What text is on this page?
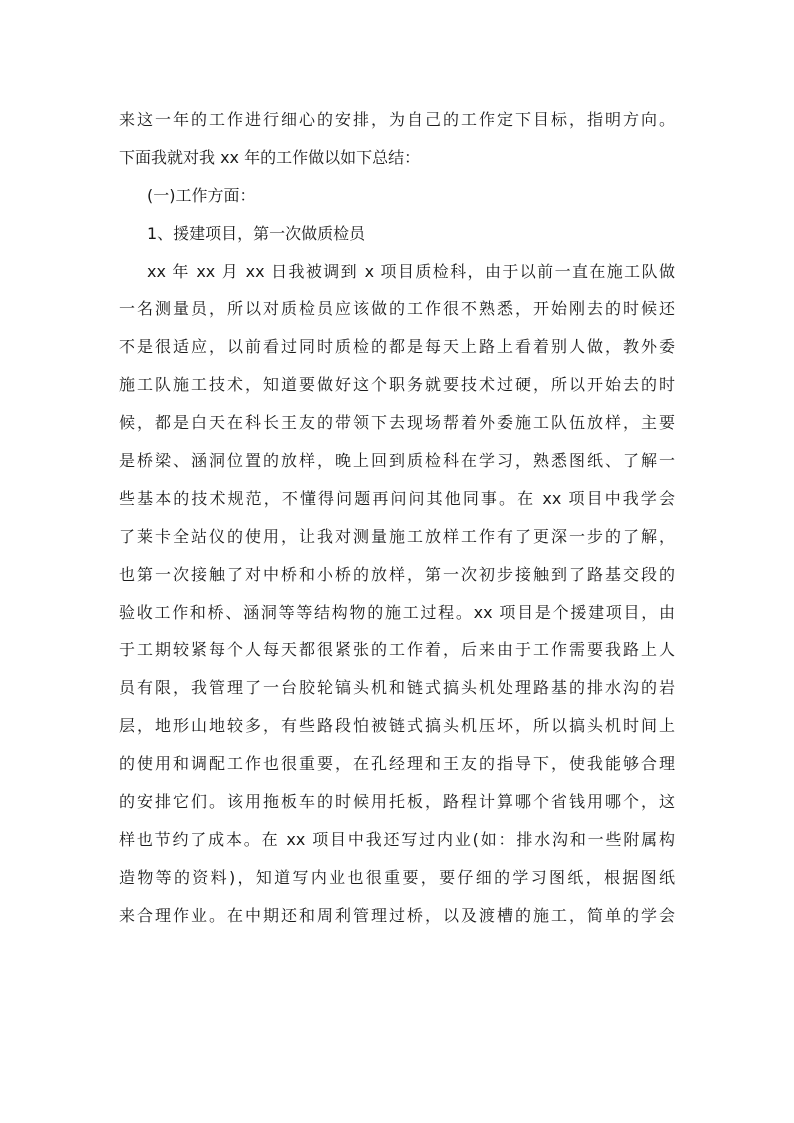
来这一年的工作进行细心的安排，为自己的工作定下目标，指明方向。
下面我就对我 xx 年的工作做以如下总结：
(一)工作方面：
1、援建项目，第一次做质检员
xx 年 xx 月 xx 日我被调到 x 项目质检科，由于以前一直在施工队做
一名测量员，所以对质检员应该做的工作很不熟悉，开始刚去的时候还
不是很适应，以前看过同时质检的都是每天上路上看着别人做，教外委
施工队施工技术，知道要做好这个职务就要技术过硬，所以开始去的时
候，都是白天在科长王友的带领下去现场帮着外委施工队伍放样，主要
是桥梁、涵洞位置的放样，晚上回到质检科在学习，熟悉图纸、了解一
些基本的技术规范，不懂得问题再问问其他同事。在 xx 项目中我学会
了莱卡全站仪的使用，让我对测量施工放样工作有了更深一步的了解，
也第一次接触了对中桥和小桥的放样，第一次初步接触到了路基交段的
验收工作和桥、涵洞等等结构物的施工过程。xx 项目是个援建项目，由
于工期较紧每个人每天都很紧张的工作着，后来由于工作需要我路上人
员有限，我管理了一台胶轮镐头机和链式搞头机处理路基的排水沟的岩
层，地形山地较多，有些路段怕被链式搞头机压坏，所以搞头机时间上
的使用和调配工作也很重要，在孔经理和王友的指导下，使我能够合理
的安排它们。该用拖板车的时候用托板，路程计算哪个省钱用哪个，这
样也节约了成本。在 xx 项目中我还写过内业(如：排水沟和一些附属构
造物等的资料)，知道写内业也很重要，要仔细的学习图纸，根据图纸
来合理作业。在中期还和周利管理过桥，以及渡槽的施工，简单的学会
